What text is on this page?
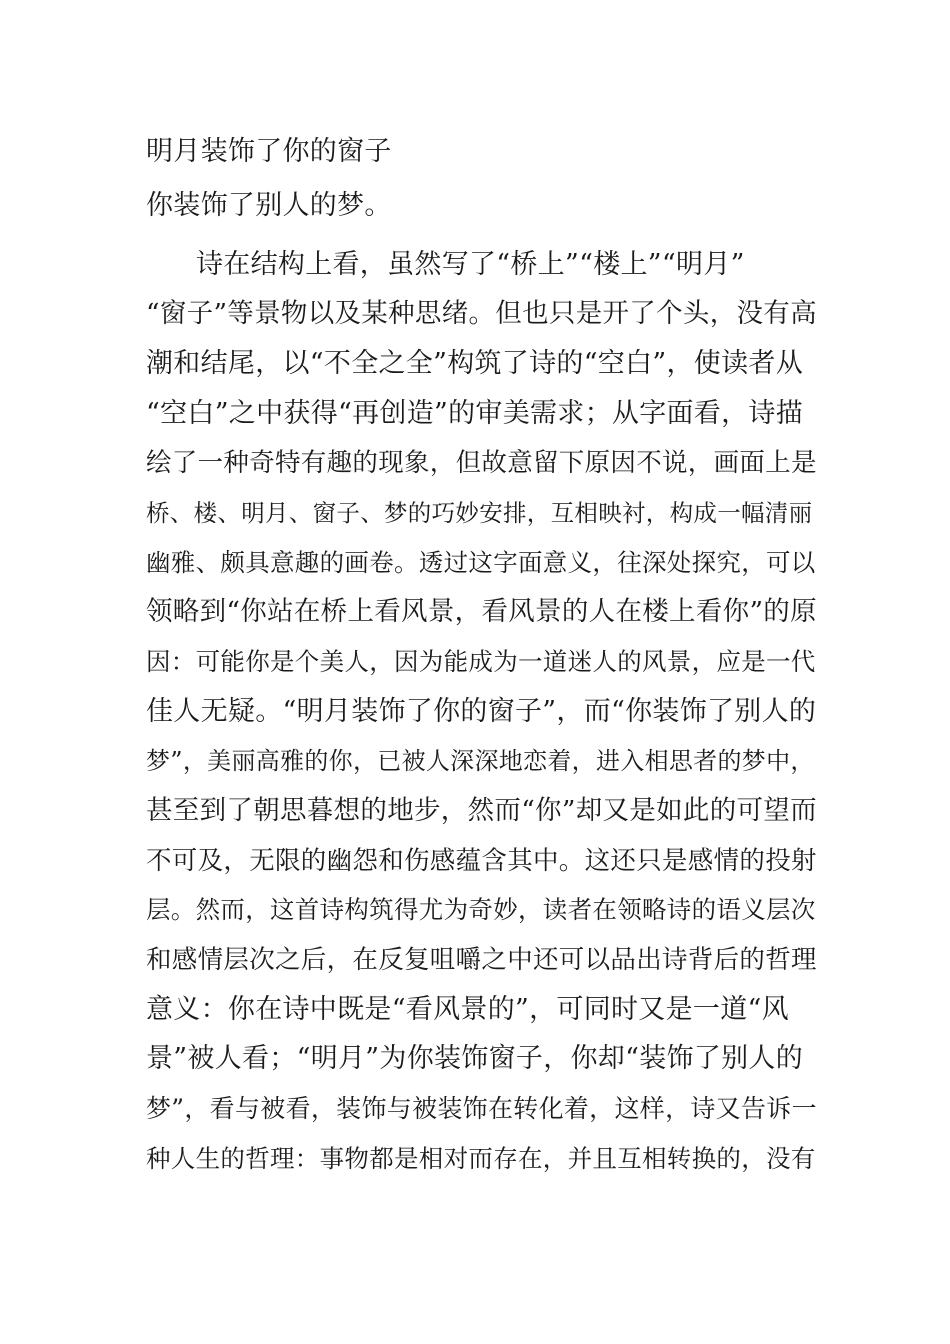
明月装饰了你的窗子
你装饰了别人的梦。
诗在结构上看，虽然写了“桥上”“楼上”“明月”
“窗子”等景物以及某种思绪。但也只是开了个头，没有高
潮和结尾，以“不全之全”构筑了诗的“空白”，使读者从
“空白”之中获得“再创造”的审美需求；从字面看，诗描
绘了一种奇特有趣的现象，但故意留下原因不说，画面上是
桥、楼、明月、窗子、梦的巧妙安排，互相映衬，构成一幅清丽
幽雅、颇具意趣的画卷。透过这字面意义，往深处探究，可以
领略到“你站在桥上看风景，看风景的人在楼上看你”的原
因：可能你是个美人，因为能成为一道迷人的风景，应是一代
佳人无疑。“明月装饰了你的窗子”，而“你装饰了别人的
梦”，美丽高雅的你，已被人深深地恋着，进入相思者的梦中，
甚至到了朝思暮想的地步，然而“你”却又是如此的可望而
不可及，无限的幽怨和伤感蕴含其中。这还只是感情的投射
层。然而，这首诗构筑得尤为奇妙，读者在领略诗的语义层次
和感情层次之后，在反复咀嚼之中还可以品出诗背后的哲理
意义：你在诗中既是“看风景的”，可同时又是一道“风
景”被人看；“明月”为你装饰窗子，你却“装饰了别人的
梦”，看与被看，装饰与被装饰在转化着，这样，诗又告诉一
种人生的哲理：事物都是相对而存在，并且互相转换的，没有
